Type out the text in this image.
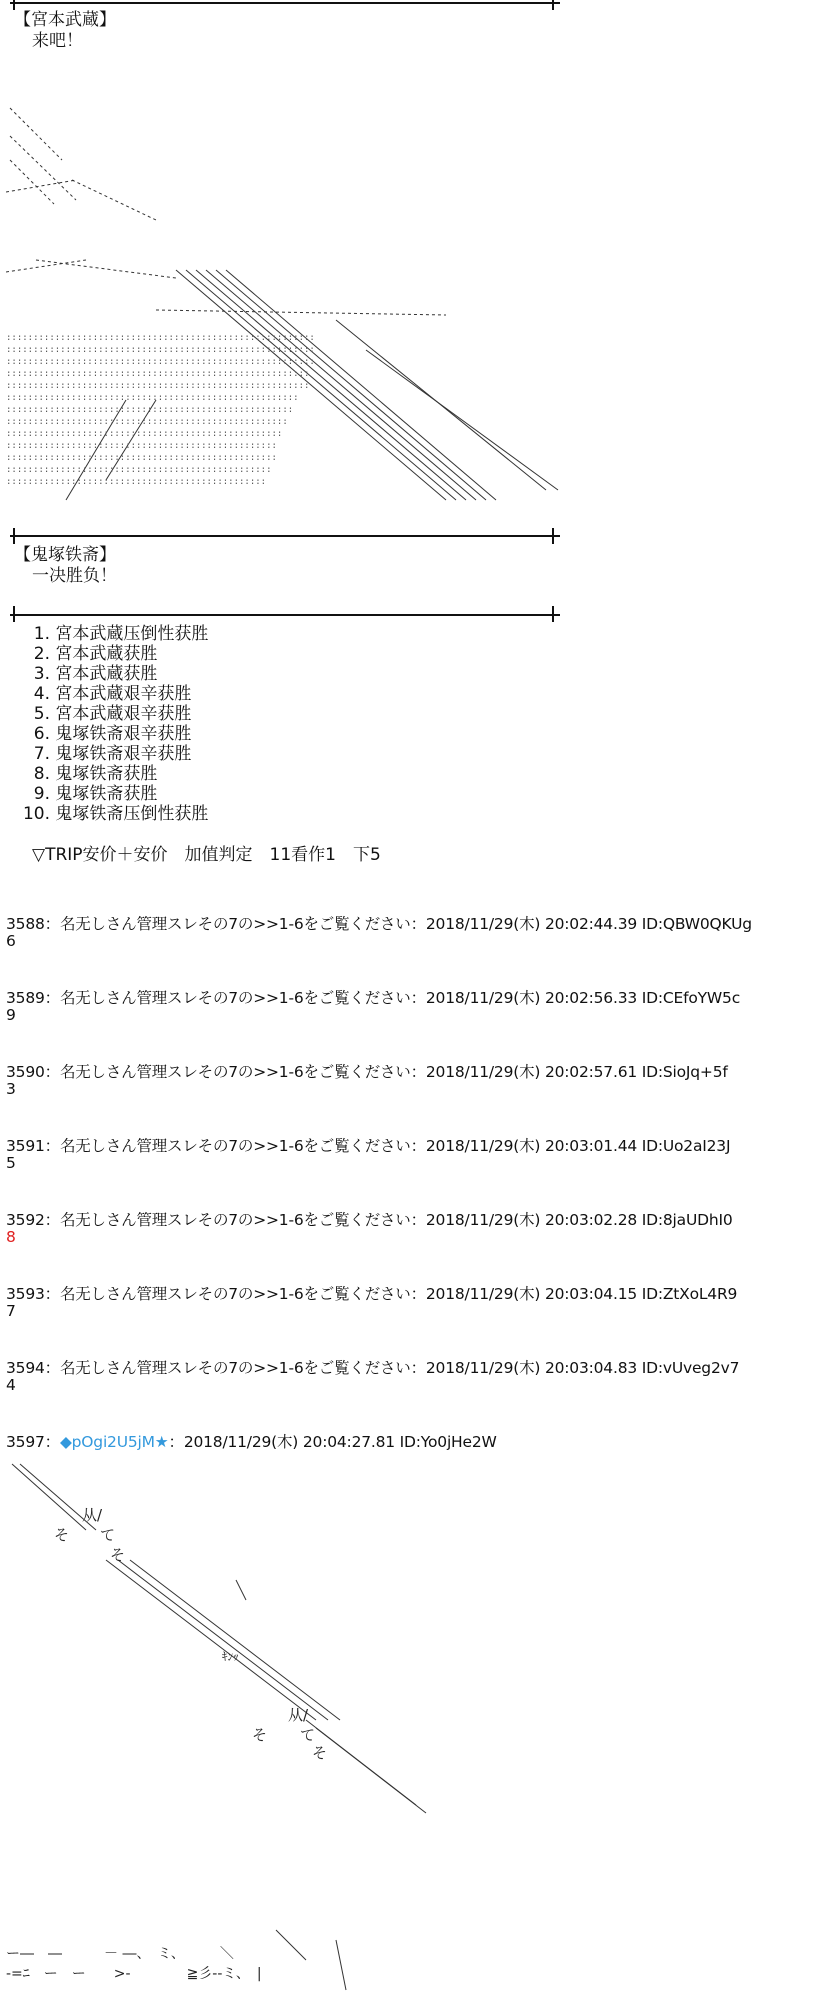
【宮本武蔵】
来吧！
:::::::::::::::::::::::::::::::::::::::::::::::::::::::::
:::::::::::::::::::::::::::::::::::::::::::::::::::::::::
:::::::::::::::::::::::::::::::::::::::::::::::::::::::::
::::::::::::::::::::::::::::::::::::::::::::::::::::::::
::::::::::::::::::::::::::::::::::::::::::::::::::::::::
::::::::::::::::::::::::::::::::::::::::::::::::::::::
:::::::::::::::::::::::::::::::::::::::::::::::::::::
::::::::::::::::::::::::::::::::::::::::::::::::::::
:::::::::::::::::::::::::::::::::::::::::::::::::::
::::::::::::::::::::::::::::::::::::::::::::::::::
::::::::::::::::::::::::::::::::::::::::::::::::::
:::::::::::::::::::::::::::::::::::::::::::::::::
::::::::::::::::::::::::::::::::::::::::::::::::
【鬼塚铁斋】
一决胜负！
1. 宮本武蔵压倒性获胜
2. 宮本武蔵获胜
3. 宮本武蔵获胜
4. 宮本武蔵艰辛获胜
5. 宮本武蔵艰辛获胜
6. 鬼塚铁斋艰辛获胜
7. 鬼塚铁斋艰辛获胜
8. 鬼塚铁斋获胜
9. 鬼塚铁斋获胜
10. 鬼塚铁斋压倒性获胜
▽TRIP安价＋安价　加值判定　11看作1　下5
3588：名无しさん管理スレその7の>>1-6をご覧ください：2018/11/29(木) 20:02:44.39 ID:QBW0QKUg
6
3589：名无しさん管理スレその7の>>1-6をご覧ください：2018/11/29(木) 20:02:56.33 ID:CEfoYW5c
9
3590：名无しさん管理スレその7の>>1-6をご覧ください：2018/11/29(木) 20:02:57.61 ID:SioJq+5f
3
3591：名无しさん管理スレその7の>>1-6をご覧ください：2018/11/29(木) 20:03:01.44 ID:Uo2aI23J
5
3592：名无しさん管理スレその7の>>1-6をご覧ください：2018/11/29(木) 20:03:02.28 ID:8jaUDhI0
8
3593：名无しさん管理スレその7の>>1-6をご覧ください：2018/11/29(木) 20:03:04.15 ID:ZtXoL4R9
7
3594：名无しさん管理スレその7の>>1-6をご覧ください：2018/11/29(木) 20:03:04.83 ID:vUveg2v7
4
3597：◆pOgi2U5jM★：2018/11/29(木) 20:04:27.81 ID:Yo0jHe2W
从/
そ て
そ
ｷﾝｯ
从/
そ て
そ
ー―　―　　　－ ―、　ミ、　　　＼
-=ﾆ　ー　ー　　>-　　　　≧彡--ミ、　|
